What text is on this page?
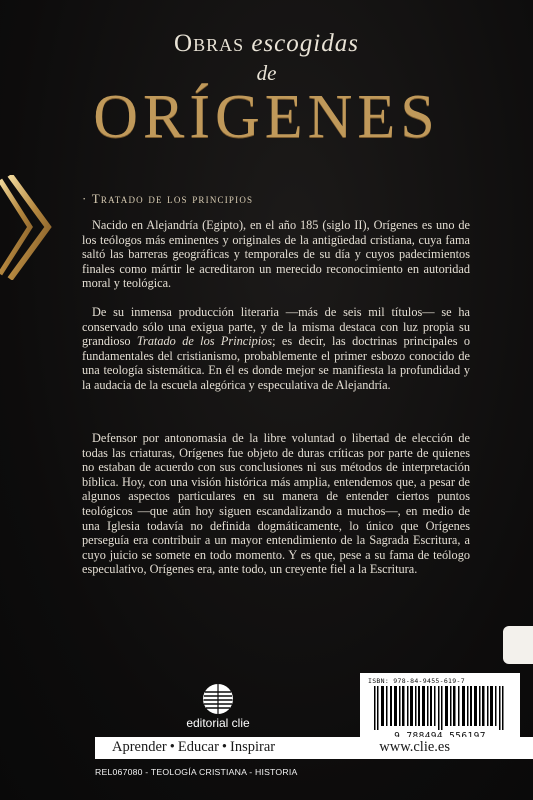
Obras escogidas
de
ORÍGENES
· Tratado de los principios

Nacido en Alejandría (Egipto), en el año 185 (siglo II), Orígenes es uno de los teólogos más eminentes y originales de la antigüedad cristiana, cuya fama saltó las barreras geográficas y temporales de su día y cuyos padecimientos finales como mártir le acreditaron un merecido reconocimiento en autoridad moral y teológica.

De su inmensa producción literaria —más de seis mil títulos— se ha conservado sólo una exigua parte, y de la misma destaca con luz propia su grandioso Tratado de los Principios; es decir, las doctrinas principales o fundamentales del cristianismo, probablemente el primer esbozo conocido de una teología sistemática. En él es donde mejor se manifiesta la profundidad y la audacia de la escuela alegórica y especulativa de Alejandría.

Defensor por antonomasia de la libre voluntad o libertad de elección de todas las criaturas, Orígenes fue objeto de duras críticas por parte de quienes no estaban de acuerdo con sus conclusiones ni sus métodos de interpretación bíblica. Hoy, con una visión histórica más amplia, entendemos que, a pesar de algunos aspectos particulares en su manera de entender ciertos puntos teológicos —que aún hoy siguen escandalizando a muchos—, en medio de una Iglesia todavía no definida dogmáticamente, lo único que Orígenes perseguía era contribuir a un mayor entendimiento de la Sagrada Escritura, a cuyo juicio se somete en todo momento. Y es que, pese a su fama de teólogo especulativo, Orígenes era, ante todo, un creyente fiel a la Escritura.

editorial clie
ISBN: 978-84-9455-619-7
Aprender • Educar • Inspirar	www.clie.es
REL067080 - TEOLOGÍA CRISTIANA - HISTORIA
